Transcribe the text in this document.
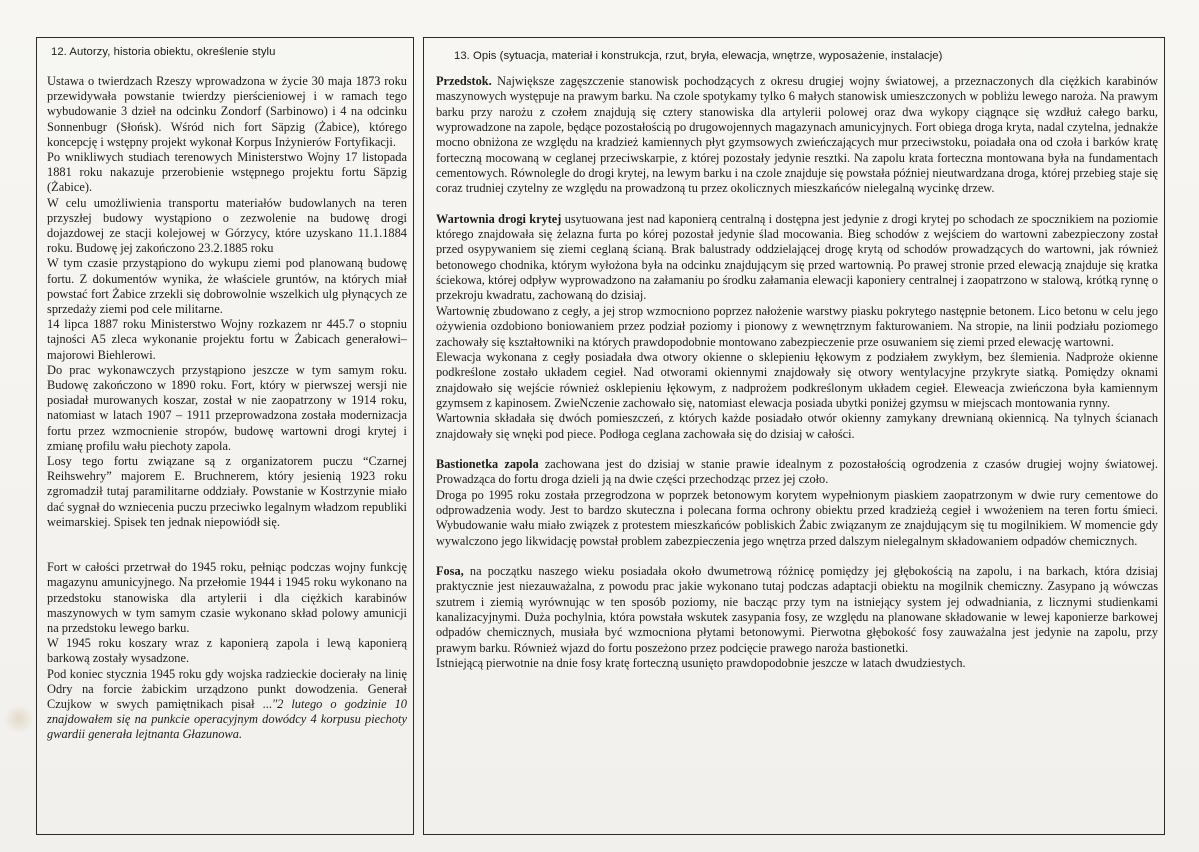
12. Autorzy, historia obiektu, określenie stylu

Ustawa o twierdzach Rzeszy wprowadzona w życie 30 maja 1873 roku przewidywała powstanie twierdzy pierścieniowej i w ramach tego wybudowanie 3 dzieł na odcinku Zondorf (Sarbinowo) i 4 na odcinku Sonnenbugr (Słońsk). Wśród nich fort Säpzig (Żabice), którego koncepcję i wstępny projekt wykonał Korpus Inżynierów Fortyfikacji.

Po wnikliwych studiach terenowych Ministerstwo Wojny 17 listopada 1881 roku nakazuje przerobienie wstępnego projektu fortu Säpzig (Żabice).

W celu umożliwienia transportu materiałów budowlanych na teren przyszłej budowy wystąpiono o zezwolenie na budowę drogi dojazdowej ze stacji kolejowej w Górzycy, które uzyskano 11.1.1884 roku. Budowę jej zakończono 23.2.1885 roku

W tym czasie przystąpiono do wykupu ziemi pod planowaną budowę fortu. Z dokumentów wynika, że właściele gruntów, na których miał powstać fort Żabice zrzekli się dobrowolnie wszelkich ulg płynących ze sprzedaży ziemi pod cele militarne.

14 lipca 1887 roku Ministerstwo Wojny rozkazem nr 445.7 o stopniu tajności A5 zleca wykonanie projektu fortu w Żabicach generałowi–majorowi Biehlerowi.

Do prac wykonawczych przystąpiono jeszcze w tym samym roku. Budowę zakończono w 1890 roku. Fort, który w pierwszej wersji nie posiadał murowanych koszar, został w nie zaopatrzony w 1914 roku, natomiast w latach 1907 – 1911 przeprowadzona została modernizacja fortu przez wzmocnienie stropów, budowę wartowni drogi krytej i zmianę profilu wału piechoty zapola.

Losy tego fortu związane są z organizatorem puczu “Czarnej Reihswehry” majorem E. Bruchnerem, który jesienią 1923 roku zgromadził tutaj paramilitarne oddziały. Powstanie w Kostrzynie miało dać sygnał do wzniecenia puczu przeciwko legalnym władzom republiki weimarskiej. Spisek ten jednak niepowiódł się.

Fort w całości przetrwał do 1945 roku, pełniąc podczas wojny funkcję magazynu amunicyjnego. Na przełomie 1944 i 1945 roku wykonano na przedstoku stanowiska dla artylerii i dla ciężkich karabinów maszynowych w tym samym czasie wykonano skład polowy amunicji na przedstoku lewego barku.

W 1945 roku koszary wraz z kaponierą zapola i lewą kaponierą barkową zostały wysadzone.

Pod koniec stycznia 1945 roku gdy wojska radzieckie docierały na linię Odry na forcie żabickim urządzono punkt dowodzenia. Generał Czujkow w swych pamiętnikach pisał ..."2 lutego o godzinie 10 znajdowałem się na punkcie operacyjnym dowódcy 4 korpusu piechoty gwardii generała lejtnanta Głazunowa.

13. Opis (sytuacja, materiał i konstrukcja, rzut, bryła, elewacja, wnętrze, wyposażenie, instalacje)

Przedstok. Największe zagęszczenie stanowisk pochodzących z okresu drugiej wojny światowej, a przeznaczonych dla ciężkich karabinów maszynowych występuje na prawym barku. Na czole spotykamy tylko 6 małych stanowisk umieszczonych w pobliżu lewego naroża. Na prawym barku przy narożu z czołem znajdują się cztery stanowiska dla artylerii polowej oraz dwa wykopy ciągnące się wzdłuż całego barku, wyprowadzone na zapole, będące pozostałością po drugowojennych magazynach amunicyjnych. Fort obiega droga kryta, nadal czytelna, jednakże mocno obniżona ze względu na kradzież kamiennych płyt gzymsowych zwieńczających mur przeciwstoku, poiadała ona od czoła i barków kratę forteczną mocowaną w ceglanej przeciwskarpie, z której pozostały jedynie resztki. Na zapolu krata forteczna montowana była na fundamentach cementowych. Równolegle do drogi krytej, na lewym barku i na czole znajduje się powstała później nieutwardzana droga, której przebieg staje się coraz trudniej czytelny ze względu na prowadzoną tu przez okolicznych mieszkańców nielegalną wycinkę drzew.

Wartownia drogi krytej usytuowana jest nad kaponierą centralną i dostępna jest jedynie z drogi krytej po schodach ze spocznikiem na poziomie którego znajdowała się żelazna furta po kórej pozostał jedynie ślad mocowania. Bieg schodów z wejściem do wartowni zabezpieczony został przed osypywaniem się ziemi ceglaną ścianą. Brak balustrady oddzielającej drogę krytą od schodów prowadzących do wartowni, jak również betonowego chodnika, którym wyłożona była na odcinku znajdującym się przed wartownią. Po prawej stronie przed elewacją znajduje się kratka ściekowa, której odpływ wyprowadzono na załamaniu po środku załamania elewacji kaponiery centralnej i zaopatrzono w stalową, krótką rynnę o przekroju kwadratu, zachowaną do dzisiaj.

Wartownię zbudowano z cegły, a jej strop wzmocniono poprzez nałożenie warstwy piasku pokrytego następnie betonem. Lico betonu w celu jego ożywienia ozdobiono boniowaniem przez podział poziomy i pionowy z wewnętrznym fakturowaniem. Na stropie, na linii podziału poziomego zachowały się kształtowniki na których prawdopodobnie montowano zabezpieczenie prze osuwaniem się ziemi przed elewację wartowni.

Elewacja wykonana z cegły posiadała dwa otwory okienne o sklepieniu łękowym z podziałem zwykłym, bez ślemienia. Nadproże okienne podkreślone zostało układem cegieł. Nad otworami okiennymi znajdowały się otwory wentylacyjne przykryte siatką. Pomiędzy oknami znajdowało się wejście również osklepieniu łękowym, z nadprożem podkreślonym układem cegieł. Eleweacja zwieńczona była kamiennym gzymsem z kapinosem. ZwieNczenie zachowało się, natomiast elewacja posiada ubytki poniżej gzymsu w miejscach montowania rynny.

Wartownia składała się dwóch pomieszczeń, z których każde posiadało otwór okienny zamykany drewnianą okiennicą. Na tylnych ścianach znajdowały się wnęki pod piece. Podłoga ceglana zachowała się do dzisiaj w całości.

Bastionetka zapola zachowana jest do dzisiaj w stanie prawie idealnym z pozostałością ogrodzenia z czasów drugiej wojny światowej. Prowadząca do fortu droga dzieli ją na dwie części przechodząc przez jej czoło.

Droga po 1995 roku została przegrodzona w poprzek betonowym korytem wypełnionym piaskiem zaopatrzonym w dwie rury cementowe do odprowadzenia wody. Jest to bardzo skuteczna i polecana forma ochrony obiektu przed kradzieżą cegieł i wwożeniem na teren fortu śmieci. Wybudowanie wału miało związek z protestem mieszkańców pobliskich Żabic związanym ze znajdującym się tu mogilnikiem. W momencie gdy wywalczono jego likwidację powstał problem zabezpieczenia jego wnętrza przed dalszym nielegalnym składowaniem odpadów chemicznych.

Fosa, na początku naszego wieku posiadała około dwumetrową różnicę pomiędzy jej głębokością na zapolu, i na barkach, która dzisiaj praktycznie jest niezauważalna, z powodu prac jakie wykonano tutaj podczas adaptacji obiektu na mogilnik chemiczny. Zasypano ją wówczas szutrem i ziemią wyrównując w ten sposób poziomy, nie bacząc przy tym na istniejący system jej odwadniania, z licznymi studienkami kanalizacyjnymi. Duża pochylnia, która powstała wskutek zasypania fosy, ze względu na planowane składowanie w lewej kaponierze barkowej odpadów chemicznych, musiała być wzmocniona płytami betonowymi. Pierwotna głębokość fosy zauważalna jest jedynie na zapolu, przy prawym barku. Również wjazd do fortu poszeżono przez podcięcie prawego naroża bastionetki.

Istniejącą pierwotnie na dnie fosy kratę forteczną usunięto prawdopodobnie jeszcze w latach dwudziestych.
